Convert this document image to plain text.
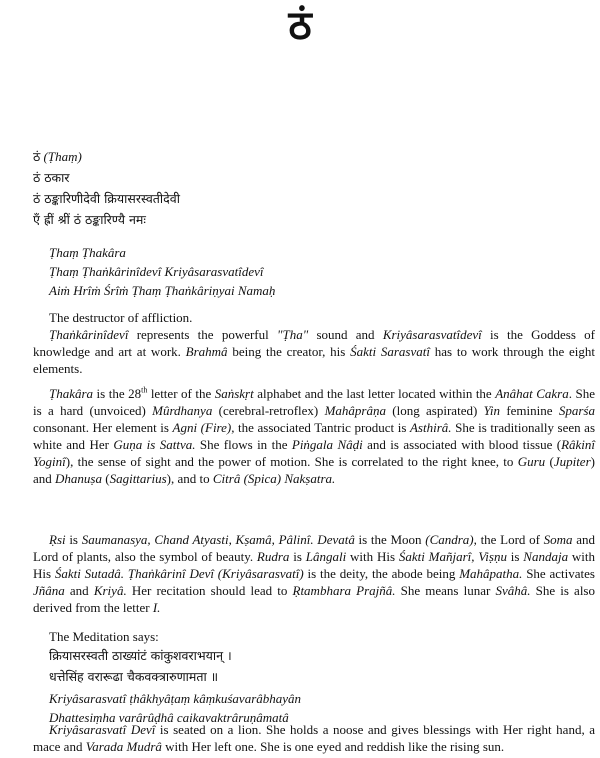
ठं
ठं (Ṭhaṃ)
ठं ठकार
ठं ठङ्कारिणीदेवी क्रियासरस्वतीदेवी
ऍं ह्रीं श्रीं ठं ठङ्कारिण्यै नमः
Ṭhaṃ Ṭhakâra
Ṭhaṃ Ṭhaṅkârinîdevî Kriyâsarasvatîdevî
Aiṁ Hrîṁ Śrîṁ Ṭhaṃ Ṭhaṅkâriṇyai Namaḥ

The destructor of affliction.

Ṭhaṅkârinîdevî represents the powerful "Ṭha" sound and Kriyâsarasvatîdevî is the Goddess of knowledge and art at work. Brahmâ being the creator, his Śakti Sarasvatî has to work through the eight elements.

Ṭhakâra is the 28th letter of the Saṅskṛt alphabet and the last letter located within the Anâhat Cakra. She is a hard (unvoiced) Mûrdhanya (cerebral-retroflex) Mahâprâṇa (long aspirated) Yin feminine Sparśa consonant. Her element is Agni (Fire), the associated Tantric product is Asthirâ. She is traditionally seen as white and Her Guṇa is Sattva. She flows in the Piṅgala Nâḍi and is associated with blood tissue (Râkinî Yoginî), the sense of sight and the power of motion. She is correlated to the right knee, to Guru (Jupiter) and Dhanuṣa (Sagittarius), and to Citrâ (Spica) Nakṣatra.

Ṛsi is Saumanasya, Chand Atyasti, Kṣamâ, Pâlinî. Devatâ is the Moon (Candra), the Lord of Soma and Lord of plants, also the symbol of beauty. Rudra is Lângali with His Śakti Mañjarî, Viṣṇu is Nandaja with His Śakti Sutadâ. Ṭhaṅkârinî Devî (Kriyâsarasvatî) is the deity, the abode being Mahâpatha. She activates Jñâna and Kriyâ. Her recitation should lead to Ṛtambhara Prajñâ. She means lunar Svâhâ. She is also derived from the letter I.

The Meditation says:
क्रियासरस्वती ठाख्यांटं कांकुशवराभयान् ।
धत्तेसिंह वरारूढा चैकवक्त्रारुणामता ॥
Kriyâsarasvatî ṭhâkhyâṭaṃ kâṃkuśavarâbhayân
Dhattesiṃha varârûḍhâ caikavaktrâruṇâmatâ

Kriyâsarasvatî Devî is seated on a lion. She holds a noose and gives blessings with Her right hand, a mace and Varada Mudrâ with Her left one. She is one eyed and reddish like the rising sun.
